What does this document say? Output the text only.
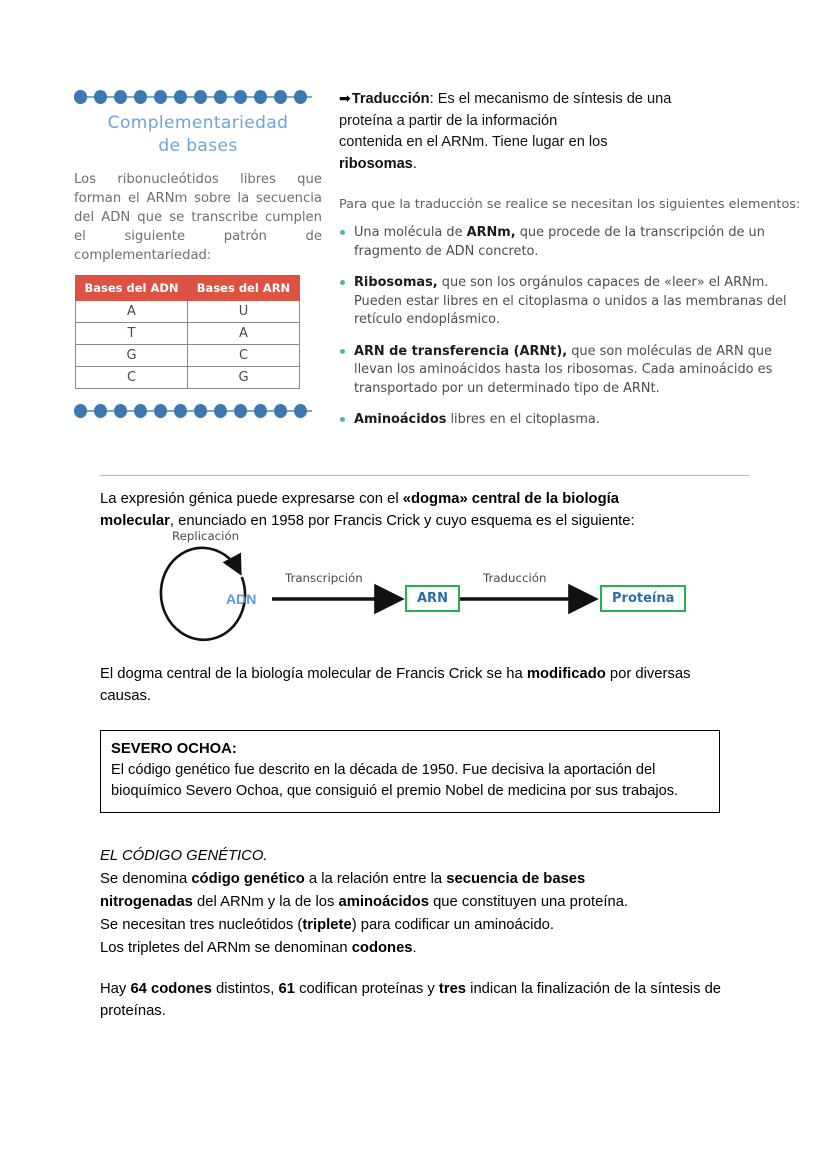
Complementariedad
de bases
Los ribonucleótidos libres que forman el ARNm sobre la secuencia del ADN que se transcribe cumplen el siguiente patrón de complementariedad:
Bases del ADN	Bases del ARN
A	U
T	A
G	C
C	G
➡Traducción: Es el mecanismo de síntesis de una
proteína a partir de la información
contenida en el ARNm. Tiene lugar en los
ribosomas.
Para que la traducción se realice se necesitan los siguientes elementos:
Una molécula de ARNm, que procede de la transcripción de un fragmento de ADN concreto.
Ribosomas, que son los orgánulos capaces de «leer» el ARNm. Pueden estar libres en el citoplasma o unidos a las membranas del retículo endoplásmico.
ARN de transferencia (ARNt), que son moléculas de ARN que llevan los aminoácidos hasta los ribosomas. Cada aminoácido es transportado por un determinado tipo de ARNt.
Aminoácidos libres en el citoplasma.
La expresión génica puede expresarse con el «dogma» central de la biología
molecular, enunciado en 1958 por Francis Crick y cuyo esquema es el siguiente:
Replicación
ADN
Transcripción
ARN
Traducción
Proteína
El dogma central de la biología molecular de Francis Crick se ha modificado por diversas causas.
SEVERO OCHOA:
El código genético fue descrito en la década de 1950. Fue decisiva la aportación del bioquímico Severo Ochoa, que consiguió el premio Nobel de medicina por sus trabajos.
EL CÓDIGO GENÉTICO.
Se denomina código genético a la relación entre la secuencia de bases
nitrogenadas del ARNm y la de los aminoácidos que constituyen una proteína.
Se necesitan tres nucleótidos (triplete) para codificar un aminoácido.
Los tripletes del ARNm se denominan codones.
Hay 64 codones distintos, 61 codifican proteínas y tres indican la finalización de la síntesis de proteínas.
